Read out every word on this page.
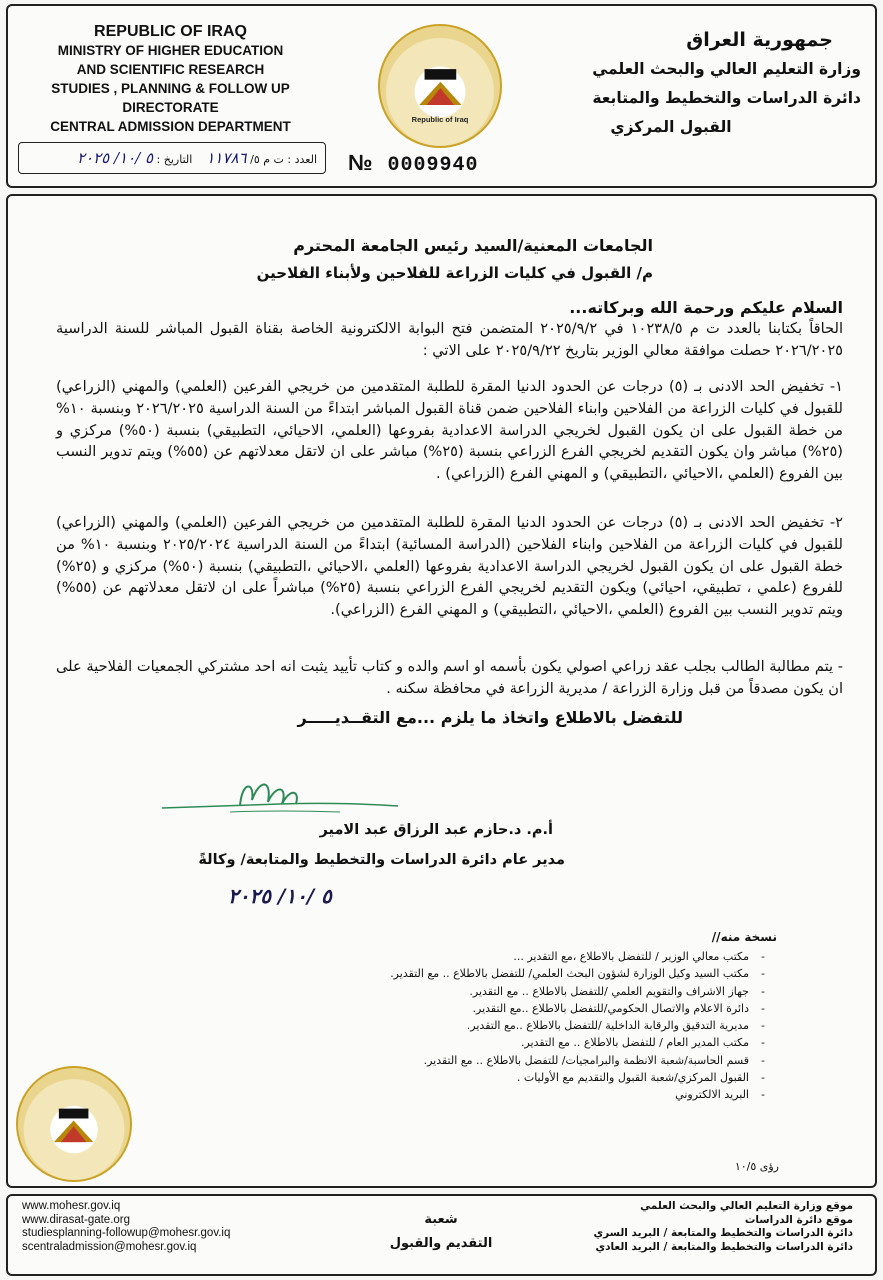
REPUBLIC OF IRAQ
MINISTRY OF HIGHER EDUCATION
AND SCIENTIFIC RESEARCH
STUDIES , PLANNING & FOLLOW UP DIRECTORATE
CENTRAL ADMISSION DEPARTMENT
جمهورية العراق
وزارة التعليم العالي والبحث العلمي
دائرة الدراسات والتخطيط والمتابعة
القبول المركزي
Republic of Iraq
العدد : ت م ٥/ ١١٧٨٦    التاريخ : ٥ /١٠/ ٢٠٢٥	№ 0009940
الجامعات المعنية/السيد رئيس الجامعة المحترم
م/ القبول في كليات الزراعة للفلاحين ولأبناء الفلاحين
السلام عليكم ورحمة الله وبركاته...
الحاقاً بكتابنا بالعدد ت م ١٠٢٣٨/٥ في ٢٠٢٥/٩/٢ المتضمن فتح البوابة الالكترونية الخاصة بقناة القبول المباشر للسنة الدراسية ٢٠٢٦/٢٠٢٥ حصلت موافقة معالي الوزير بتاريخ ٢٠٢٥/٩/٢٢ على الاتي :
١- تخفيض الحد الادنى بـ (٥) درجات عن الحدود الدنيا المقرة للطلبة المتقدمين من خريجي الفرعين (العلمي) والمهني (الزراعي) للقبول في كليات الزراعة من الفلاحين وابناء الفلاحين ضمن قناة القبول المباشر ابتداءً من السنة الدراسية ٢٠٢٦/٢٠٢٥ وبنسبة ١٠% من خطة القبول على ان يكون القبول لخريجي الدراسة الاعدادية بفروعها (العلمي، الاحيائي، التطبيقي) بنسبة (٥٠%) مركزي و (٢٥%) مباشر وان يكون التقديم لخريجي الفرع الزراعي بنسبة (٢٥%) مباشر على ان لاتقل معدلاتهم عن (٥٥%) ويتم تدوير النسب بين الفروع (العلمي ،الاحيائي ،التطبيقي) و المهني الفرع (الزراعي) .
٢- تخفيض الحد الادنى بـ (٥) درجات عن الحدود الدنيا المقرة للطلبة المتقدمين من خريجي الفرعين (العلمي) والمهني (الزراعي) للقبول في كليات الزراعة من الفلاحين وابناء الفلاحين (الدراسة المسائية) ابتداءً من السنة الدراسية ٢٠٢٥/٢٠٢٤ وبنسبة ١٠% من خطة القبول على ان يكون القبول لخريجي الدراسة الاعدادية بفروعها (العلمي ،الاحيائي ،التطبيقي) بنسبة (٥٠%) مركزي و (٢٥%) للفروع (علمي ، تطبيقي، احيائي) ويكون التقديم لخريجي الفرع الزراعي بنسبة (٢٥%) مباشراً على ان لاتقل معدلاتهم عن (٥٥%) ويتم تدوير النسب بين الفروع (العلمي ،الاحيائي ،التطبيقي) و المهني الفرع (الزراعي).
- يتم مطالبة الطالب بجلب عقد زراعي اصولي يكون بأسمه او اسم والده و كتاب تأييد يثبت انه احد مشتركي الجمعيات الفلاحية على ان يكون مصدقاً من قبل وزارة الزراعة / مديرية الزراعة في محافظة سكنه .
للتفضل بالاطلاع واتخاذ ما يلزم ...مع التقــديـــــر
أ.م. د.حازم عبد الرزاق عبد الامير
مدير عام دائرة الدراسات والتخطيط والمتابعة/ وكالةً
٥ /١٠/ ٢٠٢٥
نسخة منه//
-مكتب معالي الوزير / للتفضل بالاطلاع ،مع التقدير ...
-مكتب السيد وكيل الوزارة لشؤون البحث العلمي/ للتفضل بالاطلاع .. مع التقدير.
-جهاز الاشراف والتقويم العلمي /للتفضل بالاطلاع .. مع التقدير.
-دائرة الاعلام والاتصال الحكومي/للتفضل بالاطلاع ..مع التقدير.
-مديرية التدقيق والرقابة الداخلية /للتفضل بالاطلاع ..مع التقدير.
-مكتب المدير العام / للتفضل بالاطلاع .. مع التقدير.
-قسم الحاسبة/شعبة الانظمة والبرامجيات/ للتفضل بالاطلاع .. مع التقدير.
-القبول المركزي/شعبة القبول والتقديم مع الأوليات .
-البريد الالكتروني
رؤى ١٠/٥
www.mohesr.gov.iq
www.dirasat-gate.org
studiesplanning-followup@mohesr.gov.iq
scentraladmission@mohesr.gov.iq
شعبة
التقديم والقبول
موقع وزارة التعليم العالي والبحث العلمي
موقع دائرة الدراسات
دائرة الدراسات والتخطيط والمتابعة / البريد السري
دائرة الدراسات والتخطيط والمتابعة / البريد العادي
